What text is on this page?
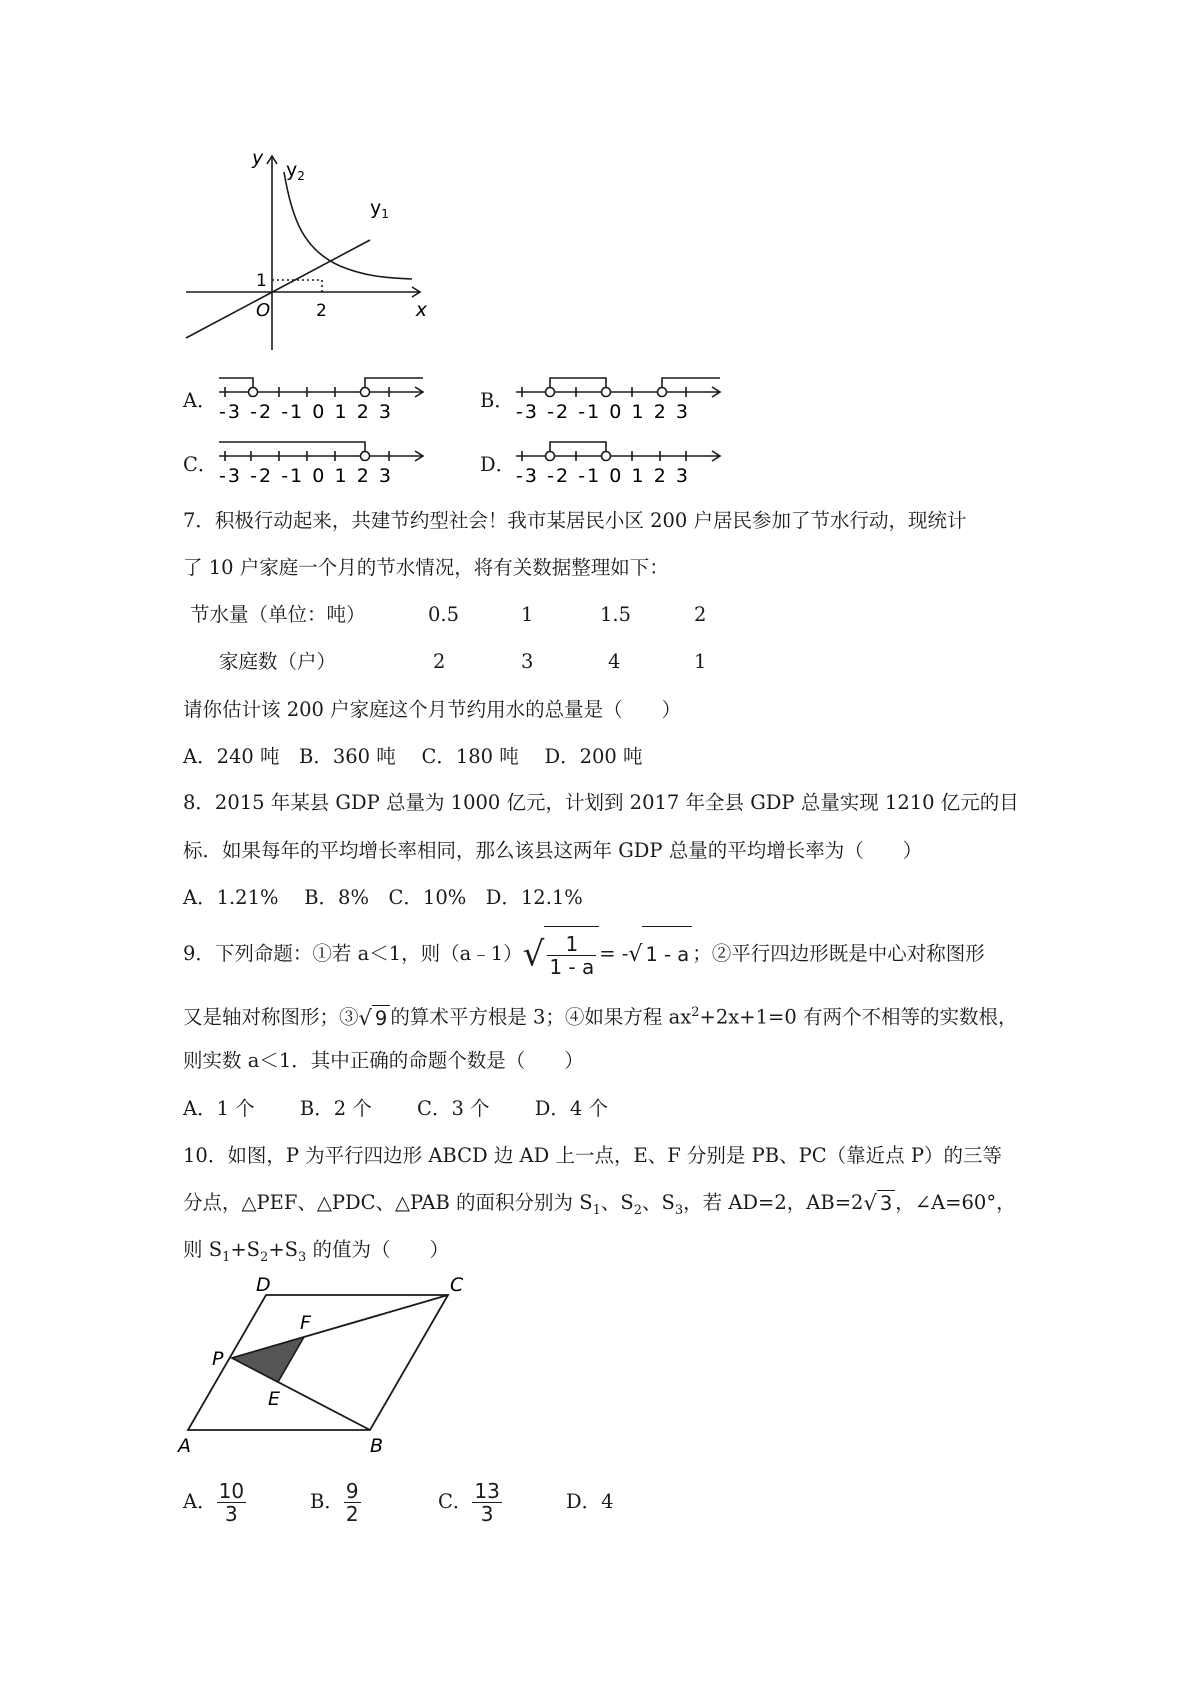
y
x
$y_2$
$y_1$
O
1
2
A． -3 -2 -1 0 1 2 3	B． -3 -2 -1 0 1 2 3
C． -3 -2 -1 0 1 2 3	D． -3 -2 -1 0 1 2 3
7．积极行动起来，共建节约型社会！我市某居民小区 200 户居民参加了节水行动，现统计
了 10 户家庭一个月的节水情况，将有关数据整理如下：
节水量（单位：吨）	0.5	1	1.5	2
家庭数（户）	2	3	4	1
请你估计该 200 户家庭这个月节约用水的总量是（　　）
A．240 吨　B．360 吨　 C．180 吨　 D．200 吨
8．2015 年某县 GDP 总量为 1000 亿元，计划到 2017 年全县 GDP 总量实现 1210 亿元的目
标．如果每年的平均增长率相同，那么该县这两年 GDP 总量的平均增长率为（　　）
A．1.21%　 B．8%　C．10%　D．12.1%
9．下列命题：①若 a＜1，则（a﹣1）√ $\frac{1}{1 - a}$ = -√ 1 - a ；②平行四边形既是中心对称图形
又是轴对称图形；③√ 9 的算术平方根是 3；④如果方程 $ax^2+2x+1=0$ 有两个不相等的实数根，
则实数 a＜1．其中正确的命题个数是（　　）
A．1 个　　 B．2 个　　 C．3 个　　 D．4 个
10．如图，P 为平行四边形 ABCD 边 AD 上一点，E、F 分别是 PB、PC（靠近点 P）的三等
分点，△PEF、△PDC、△PAB 的面积分别为 $S_1$、$S_2$、$S_3$，若 AD=2，AB=2√ 3 ，∠A=60°，
则 $S_1+S_2+S_3$ 的值为（　　）
A	B
C
D
P
E
F
A． $\frac{10}{3}$	B． $\frac{9}{2}$	C． $\frac{13}{3}$	D．4
